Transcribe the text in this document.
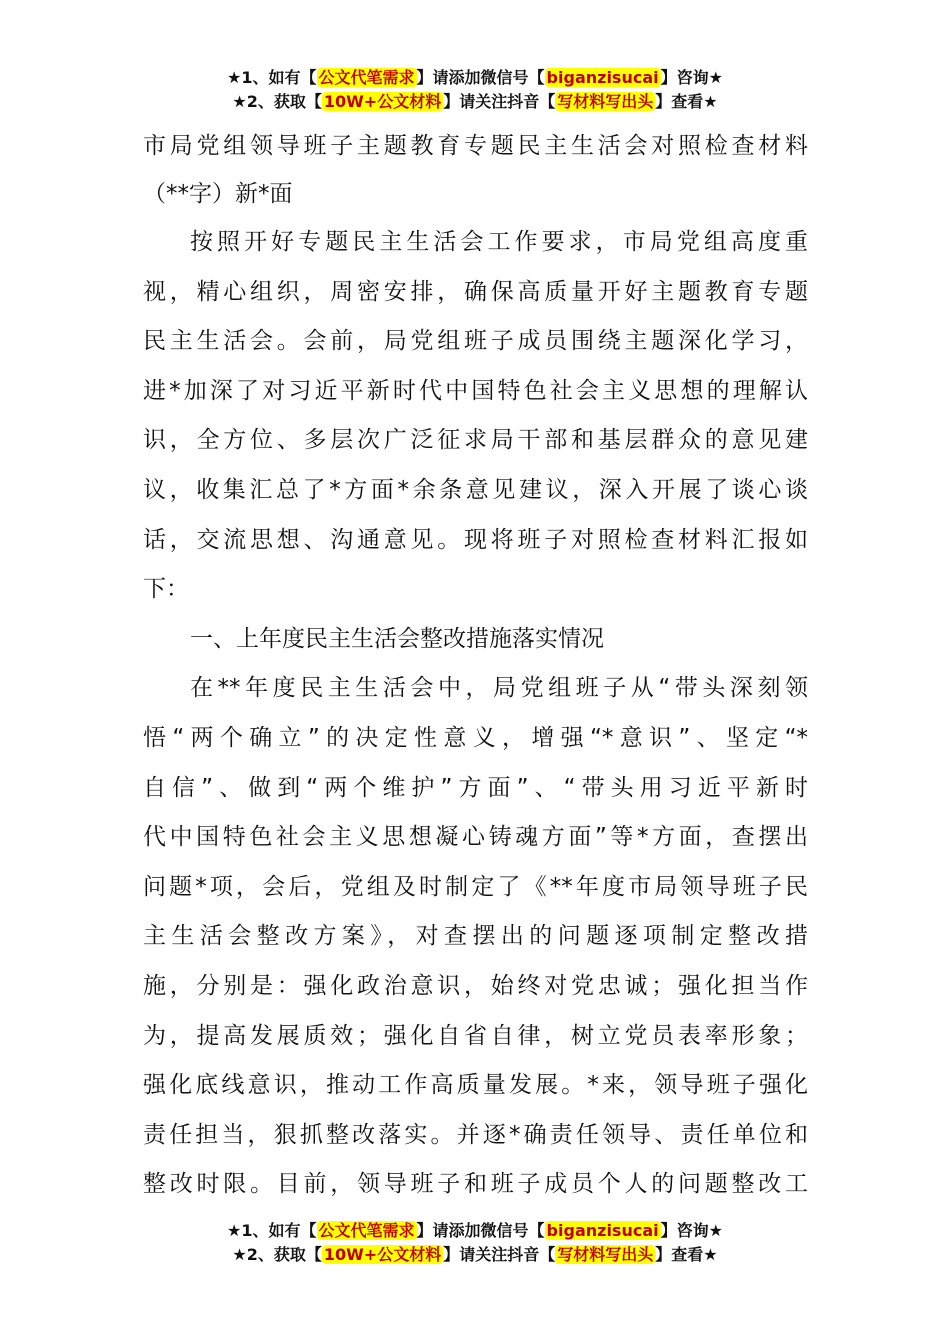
★1、如有【 公文代笔需求 】请添加微信号【 biganzisucai 】咨询★
★2、获取【 10W+公文材料 】请关注抖音【 写材料写出头 】查看★
市局党组领导班子主题教育专题民主生活会对照检查材料
（**字）新*面
按照开好专题民主生活会工作要求，市局党组高度重
视，精心组织，周密安排，确保高质量开好主题教育专题
民主生活会。会前，局党组班子成员围绕主题深化学习，
进*加深了对习近平新时代中国特色社会主义思想的理解认
识，全方位、多层次广泛征求局干部和基层群众的意见建
议，收集汇总了*方面*余条意见建议，深入开展了谈心谈
话，交流思想、沟通意见。现将班子对照检查材料汇报如
下：
一、上年度民主生活会整改措施落实情况
在**年度民主生活会中，局党组班子从“带头深刻领
悟“两个确立”的决定性意义，增强“*意识”、坚定“*
自信”、做到“两个维护”方面”、“带头用习近平新时
代中国特色社会主义思想凝心铸魂方面”等*方面，查摆出
问题*项，会后，党组及时制定了《**年度市局领导班子民
主生活会整改方案》，对查摆出的问题逐项制定整改措
施，分别是：强化政治意识，始终对党忠诚；强化担当作
为，提高发展质效；强化自省自律，树立党员表率形象；
强化底线意识，推动工作高质量发展。*来，领导班子强化
责任担当，狠抓整改落实。并逐*确责任领导、责任单位和
整改时限。目前，领导班子和班子成员个人的问题整改工
★1、如有【 公文代笔需求 】请添加微信号【 biganzisucai 】咨询★
★2、获取【 10W+公文材料 】请关注抖音【 写材料写出头 】查看★
